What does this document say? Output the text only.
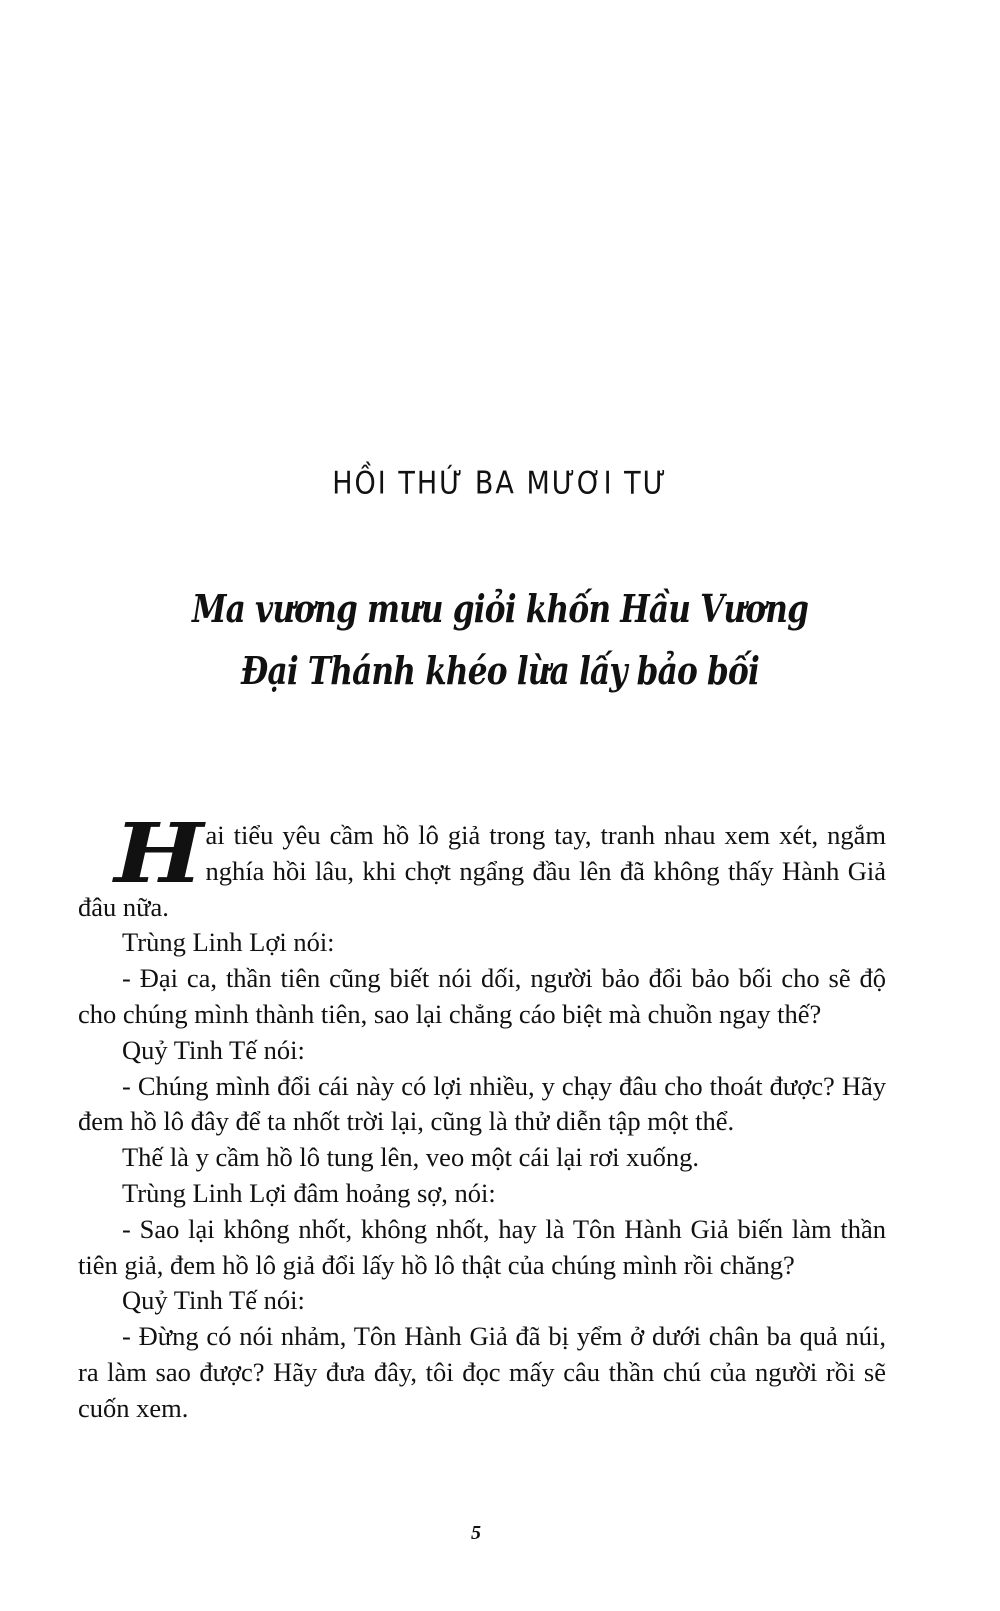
HỒI THỨ BA MƯƠI TƯ
Ma vương mưu giỏi khốn Hầu Vương
Đại Thánh khéo lừa lấy bảo bối

Hai tiểu yêu cầm hồ lô giả trong tay, tranh nhau xem xét, ngắm nghía hồi lâu, khi chợt ngẩng đầu lên đã không thấy Hành Giả đâu nữa.

Trùng Linh Lợi nói:

- Đại ca, thần tiên cũng biết nói dối, người bảo đổi bảo bối cho sẽ độ cho chúng mình thành tiên, sao lại chẳng cáo biệt mà chuồn ngay thế?

Quỷ Tinh Tế nói:

- Chúng mình đổi cái này có lợi nhiều, y chạy đâu cho thoát được? Hãy đem hồ lô đây để ta nhốt trời lại, cũng là thử diễn tập một thể.

Thế là y cầm hồ lô tung lên, veo một cái lại rơi xuống.

Trùng Linh Lợi đâm hoảng sợ, nói:

- Sao lại không nhốt, không nhốt, hay là Tôn Hành Giả biến làm thần tiên giả, đem hồ lô giả đổi lấy hồ lô thật của chúng mình rồi chăng?

Quỷ Tinh Tế nói:

- Đừng có nói nhảm, Tôn Hành Giả đã bị yểm ở dưới chân ba quả núi, ra làm sao được? Hãy đưa đây, tôi đọc mấy câu thần chú của người rồi sẽ cuốn xem.

5
